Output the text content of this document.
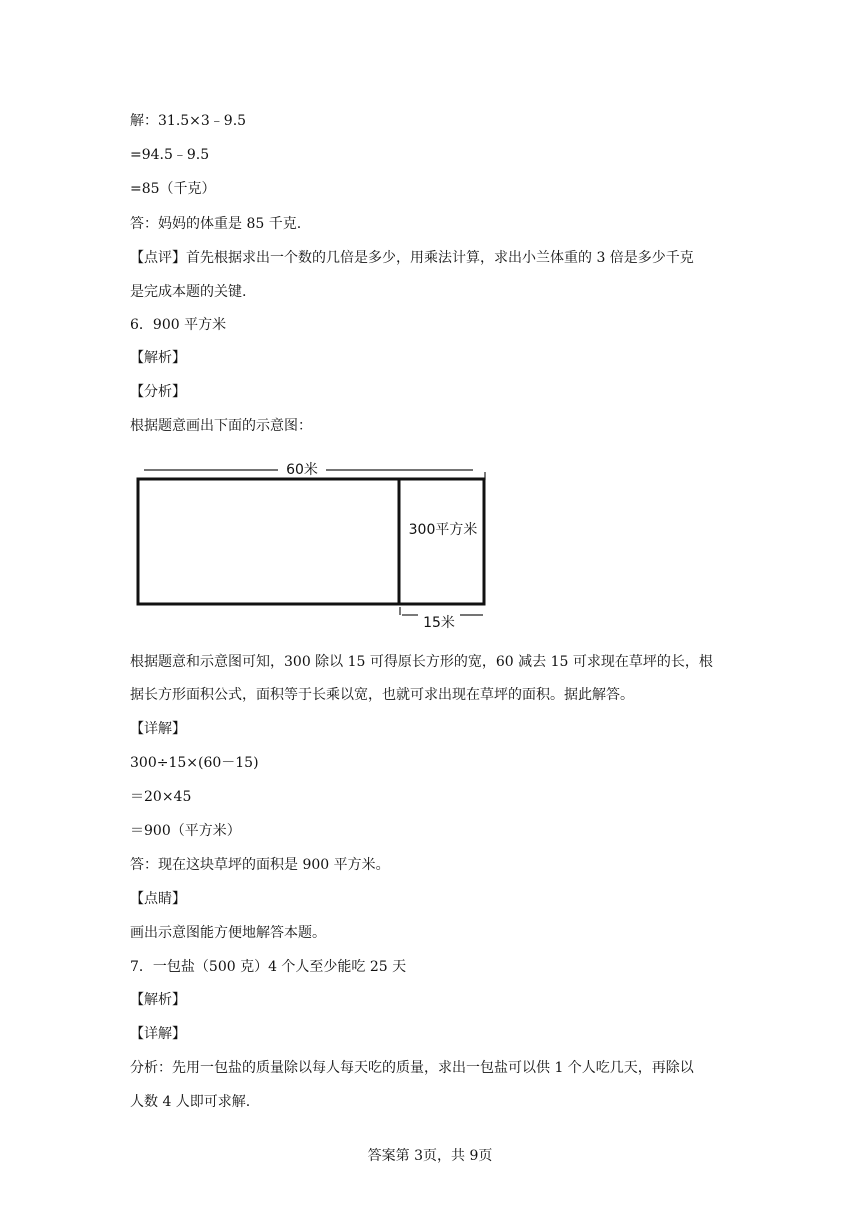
解：31.5×3﹣9.5
=94.5﹣9.5
=85（千克）
答：妈妈的体重是 85 千克.
【点评】首先根据求出一个数的几倍是多少，用乘法计算，求出小兰体重的 3 倍是多少千克
是完成本题的关键.
6．900 平方米
【解析】
【分析】
根据题意画出下面的示意图：
60米
300平方米
15米
根据题意和示意图可知，300 除以 15 可得原长方形的宽，60 减去 15 可求现在草坪的长，根
据长方形面积公式，面积等于长乘以宽，也就可求出现在草坪的面积。据此解答。
【详解】
300÷15×(60－15)
＝20×45
＝900（平方米）
答：现在这块草坪的面积是 900 平方米。
【点睛】
画出示意图能方便地解答本题。
7．一包盐（500 克）4 个人至少能吃 25 天
【解析】
【详解】
分析：先用一包盐的质量除以每人每天吃的质量，求出一包盐可以供 1 个人吃几天，再除以
人数 4 人即可求解.
答案第 3页，共 9页
